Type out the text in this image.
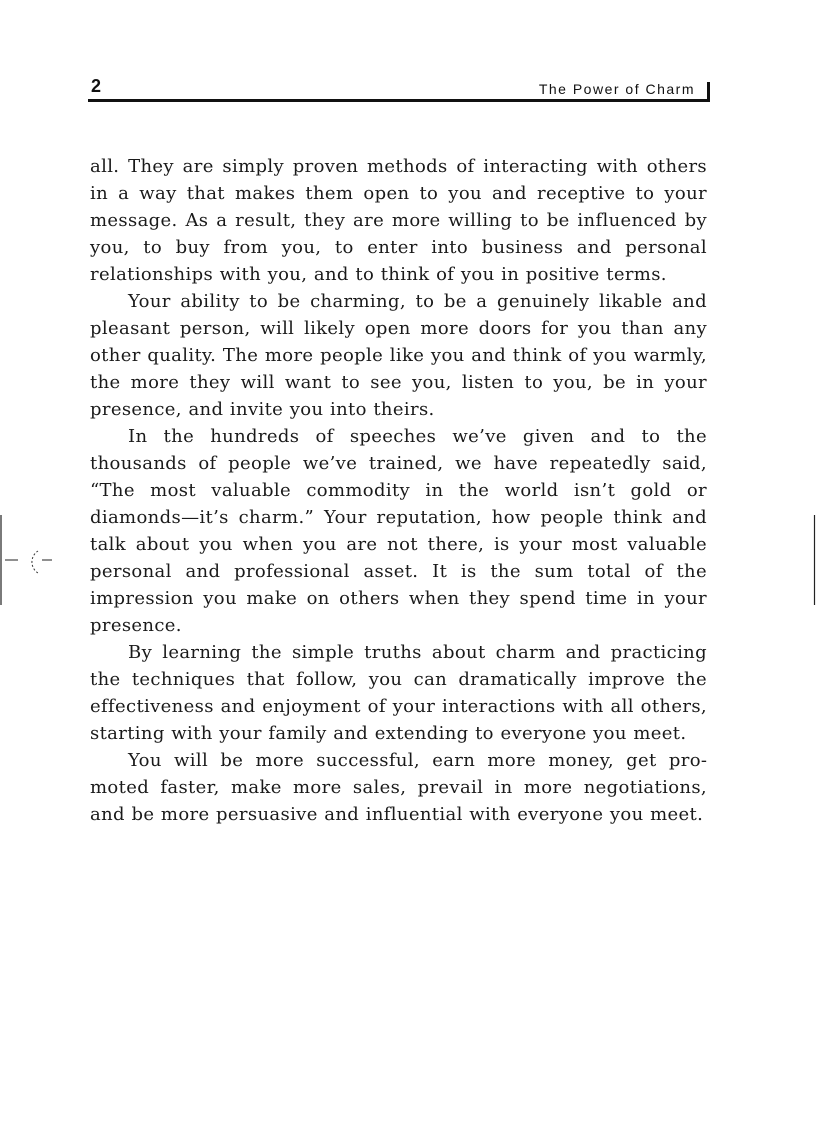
2	The Power of Charm

all. They are simply proven methods of interacting with others in a way that makes them open to you and receptive to your message. As a result, they are more willing to be influenced by you, to buy from you, to enter into business and personal relationships with you, and to think of you in positive terms.

Your ability to be charming, to be a genuinely likable and pleasant person, will likely open more doors for you than any other quality. The more people like you and think of you warmly, the more they will want to see you, listen to you, be in your presence, and invite you into theirs.

In the hundreds of speeches we’ve given and to the thousands of people we’ve trained, we have repeatedly said, “The most valuable commodity in the world isn’t gold or diamonds—it’s charm.” Your reputation, how people think and talk about you when you are not there, is your most valuable personal and professional asset. It is the sum total of the impression you make on others when they spend time in your presence.

By learning the simple truths about charm and practicing the techniques that follow, you can dramatically improve the effectiveness and enjoyment of your interactions with all others, starting with your family and extending to everyone you meet.

You will be more successful, earn more money, get promoted faster, make more sales, prevail in more negotiations, and be more persuasive and influential with everyone you meet.
